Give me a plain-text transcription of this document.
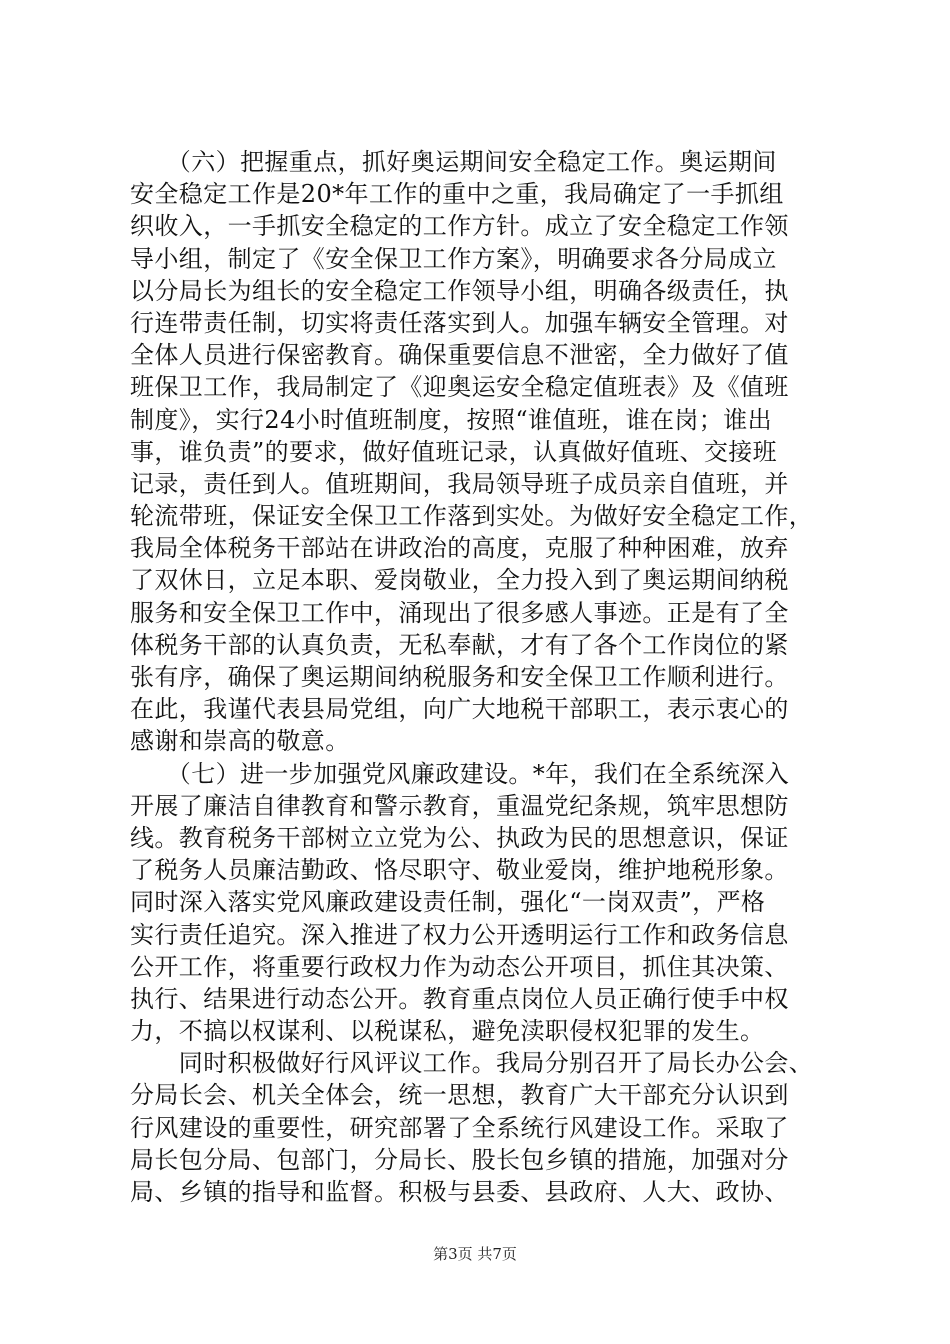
　　（六）把握重点，抓好奥运期间安全稳定工作。奥运期间
安全稳定工作是20*年工作的重中之重，我局确定了一手抓组
织收入，一手抓安全稳定的工作方针。成立了安全稳定工作领
导小组，制定了《安全保卫工作方案》，明确要求各分局成立
以分局长为组长的安全稳定工作领导小组，明确各级责任，执
行连带责任制，切实将责任落实到人。加强车辆安全管理。对
全体人员进行保密教育。确保重要信息不泄密，全力做好了值
班保卫工作，我局制定了《迎奥运安全稳定值班表》及《值班
制度》，实行24小时值班制度，按照“谁值班，谁在岗；谁出
事，谁负责”的要求，做好值班记录，认真做好值班、交接班
记录，责任到人。值班期间，我局领导班子成员亲自值班，并
轮流带班，保证安全保卫工作落到实处。为做好安全稳定工作，
我局全体税务干部站在讲政治的高度，克服了种种困难，放弃
了双休日，立足本职、爱岗敬业，全力投入到了奥运期间纳税
服务和安全保卫工作中，涌现出了很多感人事迹。正是有了全
体税务干部的认真负责，无私奉献，才有了各个工作岗位的紧
张有序，确保了奥运期间纳税服务和安全保卫工作顺利进行。
在此，我谨代表县局党组，向广大地税干部职工，表示衷心的
感谢和崇高的敬意。
　　（七）进一步加强党风廉政建设。*年，我们在全系统深入
开展了廉洁自律教育和警示教育，重温党纪条规，筑牢思想防
线。教育税务干部树立立党为公、执政为民的思想意识，保证
了税务人员廉洁勤政、恪尽职守、敬业爱岗，维护地税形象。
同时深入落实党风廉政建设责任制，强化“一岗双责”，严格
实行责任追究。深入推进了权力公开透明运行工作和政务信息
公开工作，将重要行政权力作为动态公开项目，抓住其决策、
执行、结果进行动态公开。教育重点岗位人员正确行使手中权
力，不搞以权谋利、以税谋私，避免渎职侵权犯罪的发生。
　　同时积极做好行风评议工作。我局分别召开了局长办公会、
分局长会、机关全体会，统一思想，教育广大干部充分认识到
行风建设的重要性，研究部署了全系统行风建设工作。采取了
局长包分局、包部门，分局长、股长包乡镇的措施，加强对分
局、乡镇的指导和监督。积极与县委、县政府、人大、政协、
第3页 共7页
